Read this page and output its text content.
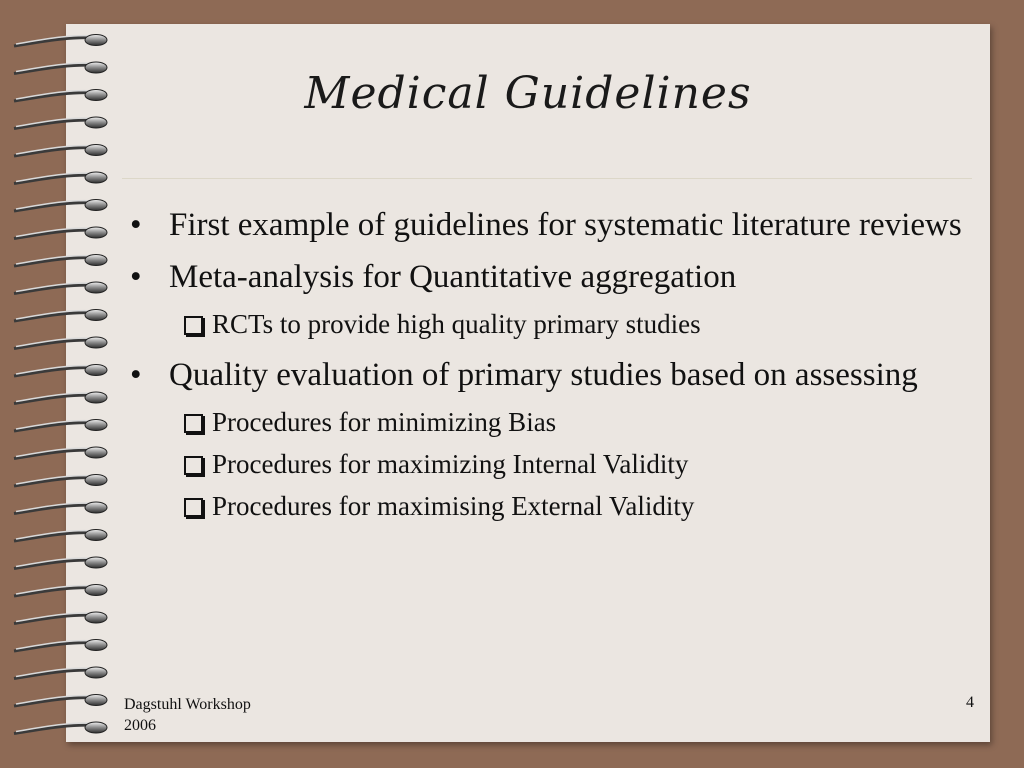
Medical Guidelines
• First example of guidelines for systematic literature reviews
• Meta-analysis for Quantitative aggregation
RCTs to provide high quality primary studies
• Quality evaluation of primary studies based on assessing
Procedures for minimizing Bias
Procedures for maximizing Internal Validity
Procedures for maximising External Validity
Dagstuhl Workshop
2006
4
